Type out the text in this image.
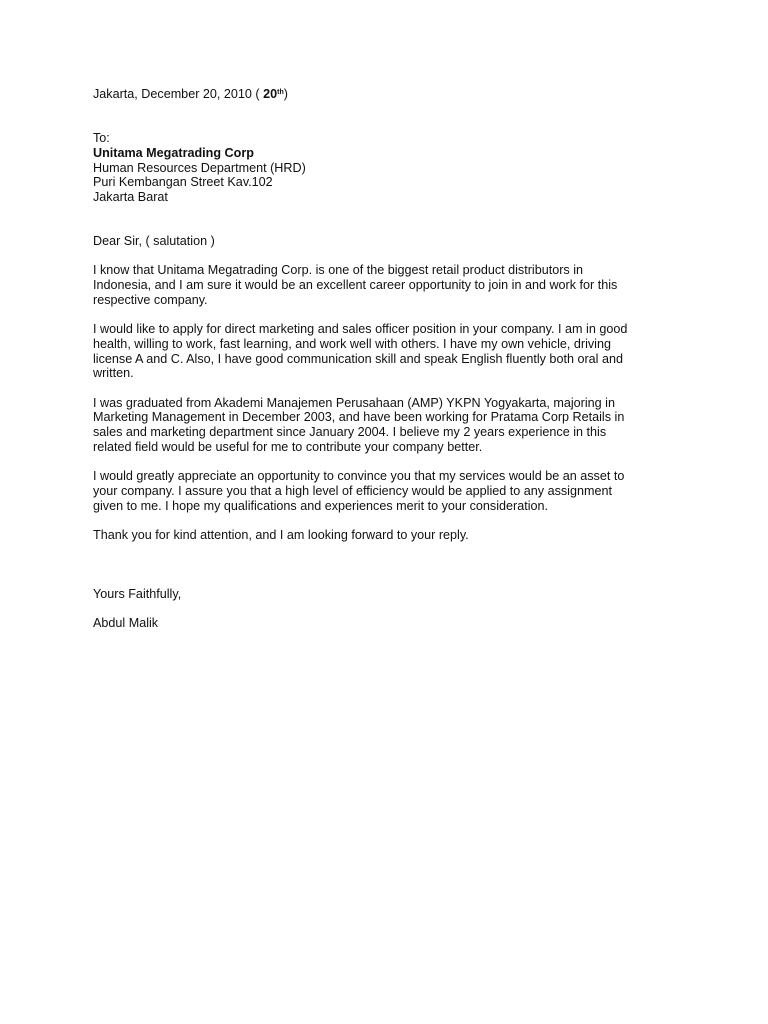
Jakarta, December 20, 2010 ( 20th)
To:
Unitama Megatrading Corp
Human Resources Department (HRD)
Puri Kembangan Street Kav.102
Jakarta Barat
Dear Sir, ( salutation )
I know that Unitama Megatrading Corp. is one of the biggest retail product distributors in
Indonesia, and I am sure it would be an excellent career opportunity to join in and work for this
respective company.
I would like to apply for direct marketing and sales officer position in your company. I am in good
health, willing to work, fast learning, and work well with others. I have my own vehicle, driving
license A and C. Also, I have good communication skill and speak English fluently both oral and
written.
I was graduated from Akademi Manajemen Perusahaan (AMP) YKPN Yogyakarta, majoring in
Marketing Management in December 2003, and have been working for Pratama Corp Retails in
sales and marketing department since January 2004. I believe my 2 years experience in this
related field would be useful for me to contribute your company better.
I would greatly appreciate an opportunity to convince you that my services would be an asset to
your company. I assure you that a high level of efficiency would be applied to any assignment
given to me. I hope my qualifications and experiences merit to your consideration.
Thank you for kind attention, and I am looking forward to your reply.
Yours Faithfully,
Abdul Malik
